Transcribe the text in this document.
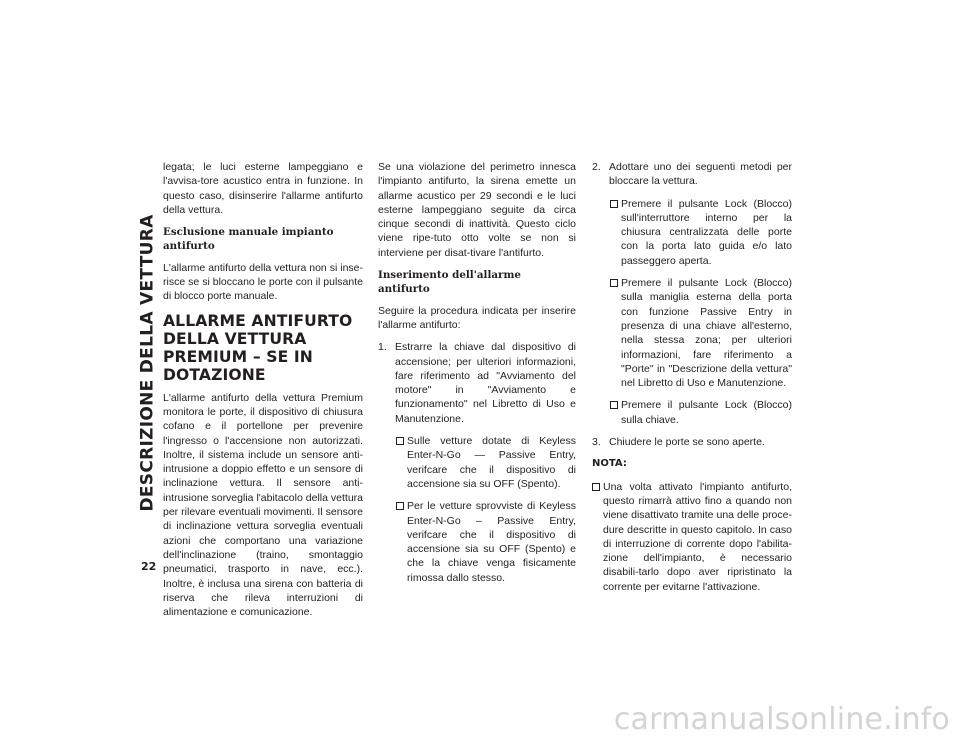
DESCRIZIONE DELLA VETTURA
22

legata; le luci esterne lampeggiano e l'avvisa-tore acustico entra in funzione. In questo caso, disinserire l'allarme antifurto della vettura.

Esclusione manuale impianto antifurto

L'allarme antifurto della vettura non si inse-risce se si bloccano le porte con il pulsante di blocco porte manuale.

ALLARME ANTIFURTO DELLA VETTURA PREMIUM – SE IN DOTAZIONE

L'allarme antifurto della vettura Premium monitora le porte, il dispositivo di chiusura cofano e il portellone per prevenire l'ingresso o l'accensione non autorizzati. Inoltre, il sistema include un sensore anti-intrusione a doppio effetto e un sensore di inclinazione vettura. Il sensore anti-intrusione sorveglia l'abitacolo della vettura per rilevare eventuali movimenti. Il sensore di inclinazione vettura sorveglia eventuali azioni che comportano una variazione dell'inclinazione (traino, smontaggio pneumatici, trasporto in nave, ecc.). Inoltre, è inclusa una sirena con batteria di riserva che rileva interruzioni di alimentazione e comunicazione.

Se una violazione del perimetro innesca l'impianto antifurto, la sirena emette un allarme acustico per 29 secondi e le luci esterne lampeggiano seguite da circa cinque secondi di inattività. Questo ciclo viene ripe-tuto otto volte se non si interviene per disat-tivare l'antifurto.

Inserimento dell'allarme antifurto

Seguire la procedura indicata per inserire l'allarme antifurto:

1. Estrarre la chiave dal dispositivo di accensione; per ulteriori informazioni, fare riferimento ad "Avviamento del motore" in "Avviamento e funzionamento" nel Libretto di Uso e Manutenzione.
Sulle vetture dotate di Keyless Enter-N-Go — Passive Entry, verifcare che il dispositivo di accensione sia su OFF (Spento).
Per le vetture sprovviste di Keyless Enter-N-Go – Passive Entry, verifcare che il dispositivo di accensione sia su OFF (Spento) e che la chiave venga fisicamente rimossa dallo stesso.
2. Adottare uno dei seguenti metodi per bloccare la vettura.
Premere il pulsante Lock (Blocco) sull'interruttore interno per la chiusura centralizzata delle porte con la porta lato guida e/o lato passeggero aperta.
Premere il pulsante Lock (Blocco) sulla maniglia esterna della porta con funzione Passive Entry in presenza di una chiave all'esterno, nella stessa zona; per ulteriori informazioni, fare riferimento a "Porte" in "Descrizione della vettura" nel Libretto di Uso e Manutenzione.
Premere il pulsante Lock (Blocco) sulla chiave.
3. Chiudere le porte se sono aperte.
NOTA:
Una volta attivato l'impianto antifurto, questo rimarrà attivo fino a quando non viene disattivato tramite una delle proce-dure descritte in questo capitolo. In caso di interruzione di corrente dopo l'abilita-zione dell'impianto, è necessario disabili-tarlo dopo aver ripristinato la corrente per evitarne l'attivazione.
carmanualsonline.info
